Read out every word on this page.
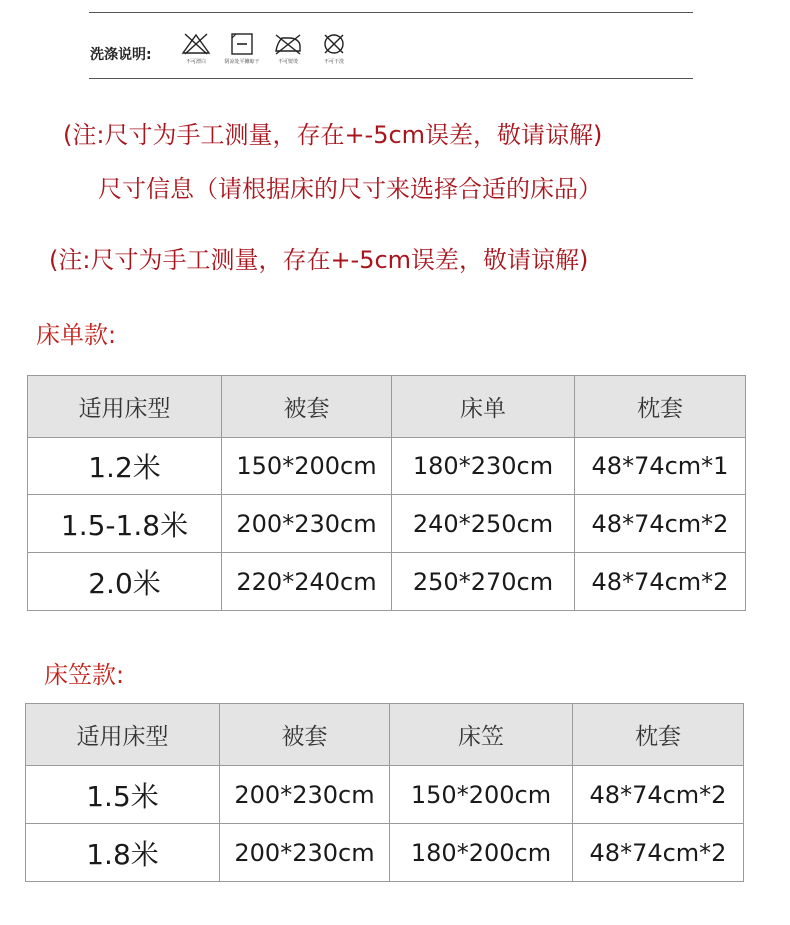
洗涤说明:	不可漂白	阴凉处平摊晾干	不可熨烫	不可干洗
(注:尺寸为手工测量，存在+-5cm误差，敬请谅解)
尺寸信息（请根据床的尺寸来选择合适的床品）
(注:尺寸为手工测量，存在+-5cm误差，敬请谅解)
床单款:
适用床型	被套	床单	枕套
1.2米	150*200cm	180*230cm	48*74cm*1
1.5-1.8米	200*230cm	240*250cm	48*74cm*2
2.0米	220*240cm	250*270cm	48*74cm*2
床笠款:
适用床型	被套	床笠	枕套
1.5米	200*230cm	150*200cm	48*74cm*2
1.8米	200*230cm	180*200cm	48*74cm*2
